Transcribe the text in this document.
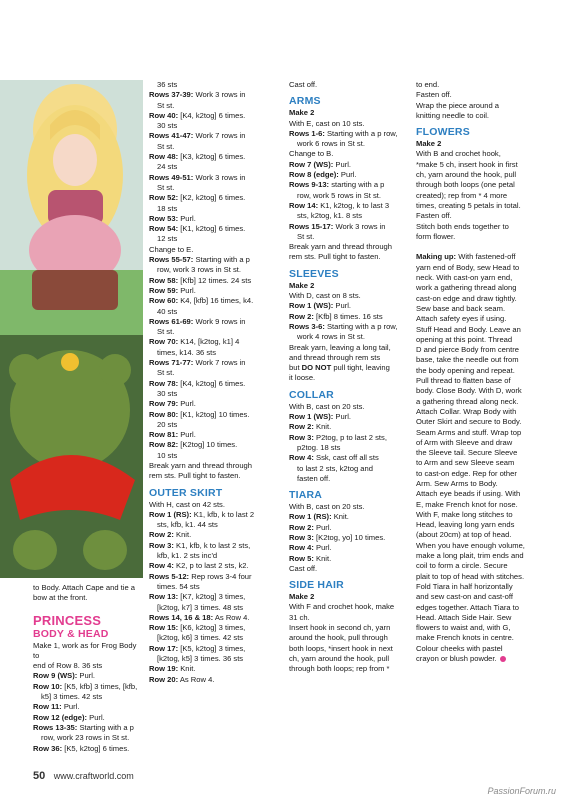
to Body. Attach Cape and tie a

bow at the front.

PRINCESS
BODY & HEAD

Make 1, work as for Frog Body to

end of Row 8. 36 sts

Row 9 (WS): Purl.

Row 10: [K5, kfb] 3 times, [kfb,

k5] 3 times. 42 sts

Row 11: Purl.

Row 12 (edge): Purl.

Rows 13-35: Starting with a p

row, work 23 rows in St st.

Row 36: [K5, k2tog] 6 times.

36 sts

Rows 37-39: Work 3 rows in

St st.

Row 40: [K4, k2tog] 6 times.

30 sts

Rows 41-47: Work 7 rows in

St st.

Row 48: [K3, k2tog] 6 times.

24 sts

Rows 49-51: Work 3 rows in

St st.

Row 52: [K2, k2tog] 6 times.

18 sts

Row 53: Purl.

Row 54: [K1, k2tog] 6 times.

12 sts

Change to E.

Rows 55-57: Starting with a p

row, work 3 rows in St st.

Row 58: [Kfb] 12 times. 24 sts

Row 59: Purl.

Row 60: K4, [kfb] 16 times, k4.

40 sts

Rows 61-69: Work 9 rows in

St st.

Row 70: K14, [k2tog, k1] 4

times, k14. 36 sts

Rows 71-77: Work 7 rows in

St st.

Row 78: [K4, k2tog] 6 times.

30 sts

Row 79: Purl.

Row 80: [K1, k2tog] 10 times.

20 sts

Row 81: Purl.

Row 82: [K2tog] 10 times.

10 sts

Break yarn and thread through

rem sts. Pull tight to fasten.

OUTER SKIRT

With H, cast on 42 sts.

Row 1 (RS): K1, kfb, k to last 2

sts, kfb, k1. 44 sts

Row 2: Knit.

Row 3: K1, kfb, k to last 2 sts,

kfb, k1. 2 sts inc'd

Row 4: K2, p to last 2 sts, k2.

Rows 5-12: Rep rows 3-4 four

times. 54 sts

Row 13: [K7, k2tog] 3 times,

[k2tog, k7] 3 times. 48 sts

Rows 14, 16 & 18: As Row 4.

Row 15: [K6, k2tog] 3 times,

[k2tog, k6] 3 times. 42 sts

Row 17: [K5, k2tog] 3 times,

[k2tog, k5] 3 times. 36 sts

Row 19: Knit.

Row 20: As Row 4.

Cast off.

ARMS

Make 2

With E, cast on 10 sts.

Rows 1-6: Starting with a p row,

work 6 rows in St st.

Change to B.

Row 7 (WS): Purl.

Row 8 (edge): Purl.

Rows 9-13: starting with a p

row, work 5 rows in St st.

Row 14: K1, k2tog, k to last 3

sts, k2tog, k1. 8 sts

Rows 15-17: Work 3 rows in

St st.

Break yarn and thread through

rem sts. Pull tight to fasten.

SLEEVES

Make 2

With D, cast on 8 sts.

Row 1 (WS): Purl.

Row 2: [Kfb] 8 times. 16 sts

Rows 3-6: Starting with a p row,

work 4 rows in St st.

Break yarn, leaving a long tail,

and thread through rem sts

but DO NOT pull tight, leaving

it loose.

COLLAR

With B, cast on 20 sts.

Row 1 (WS): Purl.

Row 2: Knit.

Row 3: P2tog, p to last 2 sts,

p2tog. 18 sts

Row 4: Ssk, cast off all sts

to last 2 sts, k2tog and

fasten off.

TIARA

With B, cast on 20 sts.

Row 1 (RS): Knit.

Row 2: Purl.

Row 3: [K2tog, yo] 10 times.

Row 4: Purl.

Row 5: Knit.

Cast off.

SIDE HAIR

Make 2

With F and crochet hook, make

31 ch.

Insert hook in second ch, yarn

around the hook, pull through

both loops, *insert hook in next

ch, yarn around the hook, pull

through both loops; rep from *

to end.

Fasten off.

Wrap the piece around a

knitting needle to coil.

FLOWERS

Make 2

With B and crochet hook,

*make 5 ch, insert hook in first

ch, yarn around the hook, pull

through both loops (one petal

created); rep from * 4 more

times, creating 5 petals in total.

Fasten off.

Stitch both ends together to

form flower.

Making up: With fastened-off

yarn end of Body, sew Head to

neck. With cast-on yarn end,

work a gathering thread along

cast-on edge and draw tightly.

Sew base and back seam.

Attach safety eyes if using.

Stuff Head and Body. Leave an

opening at this point. Thread

D and pierce Body from centre

base, take the needle out from

the body opening and repeat.

Pull thread to flatten base of

body. Close Body. With D, work

a gathering thread along neck.

Attach Collar. Wrap Body with

Outer Skirt and secure to Body.

Seam Arms and stuff. Wrap top

of Arm with Sleeve and draw

the Sleeve tail. Secure Sleeve

to Arm and sew Sleeve seam

to cast-on edge. Rep for other

Arm. Sew Arms to Body.

Attach eye beads if using. With

E, make French knot for nose.

With F, make long stitches to

Head, leaving long yarn ends

(about 20cm) at top of head.

When you have enough volume,

make a long plait, trim ends and

coil to form a circle. Secure

plait to top of head with stitches.

Fold Tiara in half horizontally

and sew cast-on and cast-off

edges together. Attach Tiara to

Head. Attach Side Hair. Sew

flowers to waist and, with G,

make French knots in centre.

Colour cheeks with pastel

crayon or blush powder.

50 www.craftworld.com
PassionForum.ru
